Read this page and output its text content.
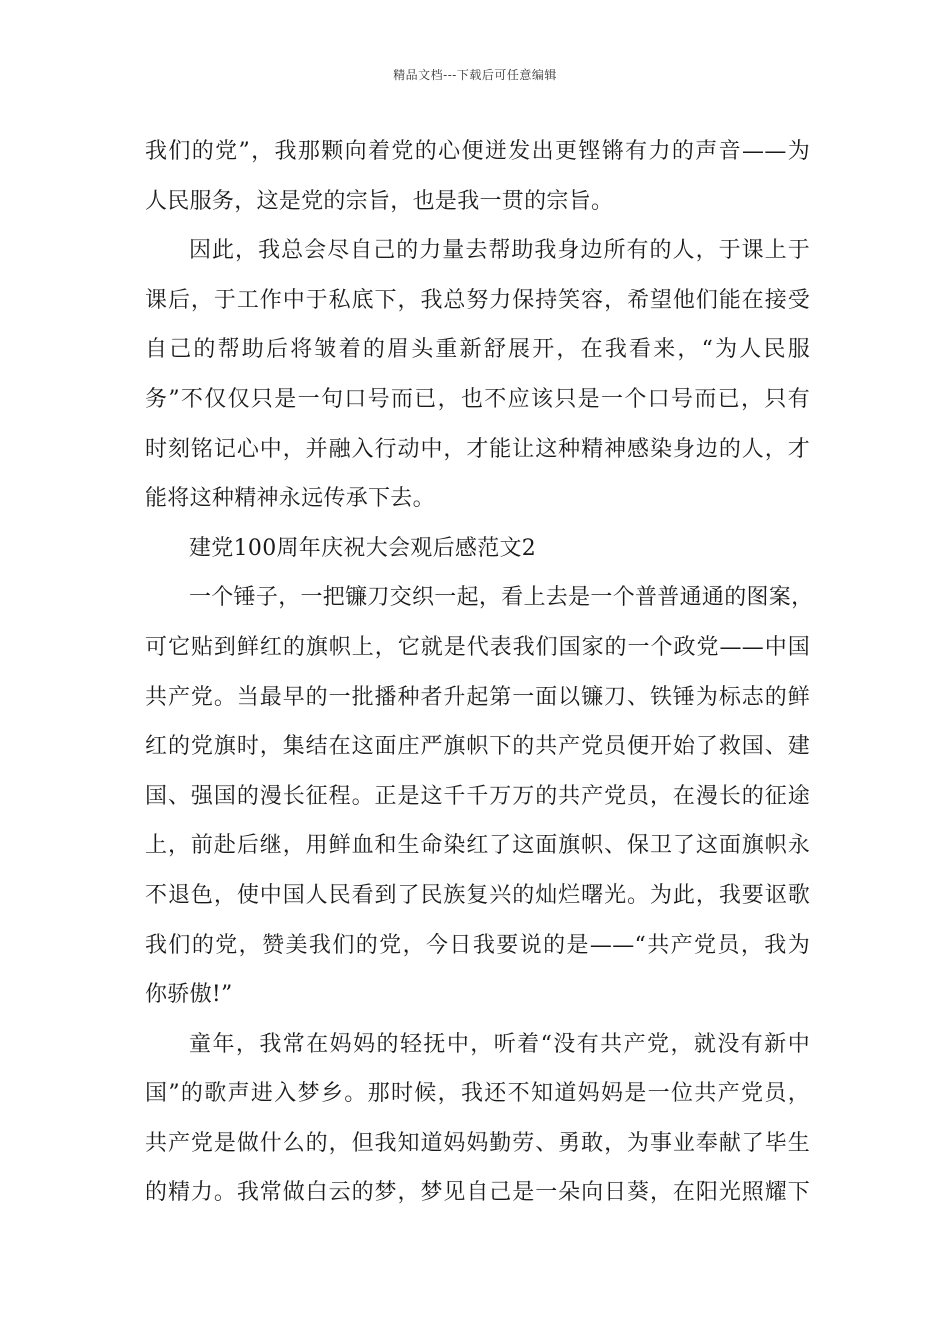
精品文档---下载后可任意编辑
我们的党”，我那颗向着党的心便迸发出更铿锵有力的声音——为
人民服务，这是党的宗旨，也是我一贯的宗旨。
因此，我总会尽自己的力量去帮助我身边所有的人，于课上于
课后，于工作中于私底下，我总努力保持笑容，希望他们能在接受
自己的帮助后将皱着的眉头重新舒展开，在我看来，“为人民服
务”不仅仅只是一句口号而已，也不应该只是一个口号而已，只有
时刻铭记心中，并融入行动中，才能让这种精神感染身边的人，才
能将这种精神永远传承下去。
建党100周年庆祝大会观后感范文2
一个锤子，一把镰刀交织一起，看上去是一个普普通通的图案，
可它贴到鲜红的旗帜上，它就是代表我们国家的一个政党——中国
共产党。当最早的一批播种者升起第一面以镰刀、铁锤为标志的鲜
红的党旗时，集结在这面庄严旗帜下的共产党员便开始了救国、建
国、强国的漫长征程。正是这千千万万的共产党员，在漫长的征途
上，前赴后继，用鲜血和生命染红了这面旗帜、保卫了这面旗帜永
不退色，使中国人民看到了民族复兴的灿烂曙光。为此，我要讴歌
我们的党，赞美我们的党，今日我要说的是——“共产党员，我为
你骄傲!”
童年，我常在妈妈的轻抚中，听着“没有共产党，就没有新中
国”的歌声进入梦乡。那时候，我还不知道妈妈是一位共产党员，
共产党是做什么的，但我知道妈妈勤劳、勇敢，为事业奉献了毕生
的精力。我常做白云的梦，梦见自己是一朵向日葵，在阳光照耀下
